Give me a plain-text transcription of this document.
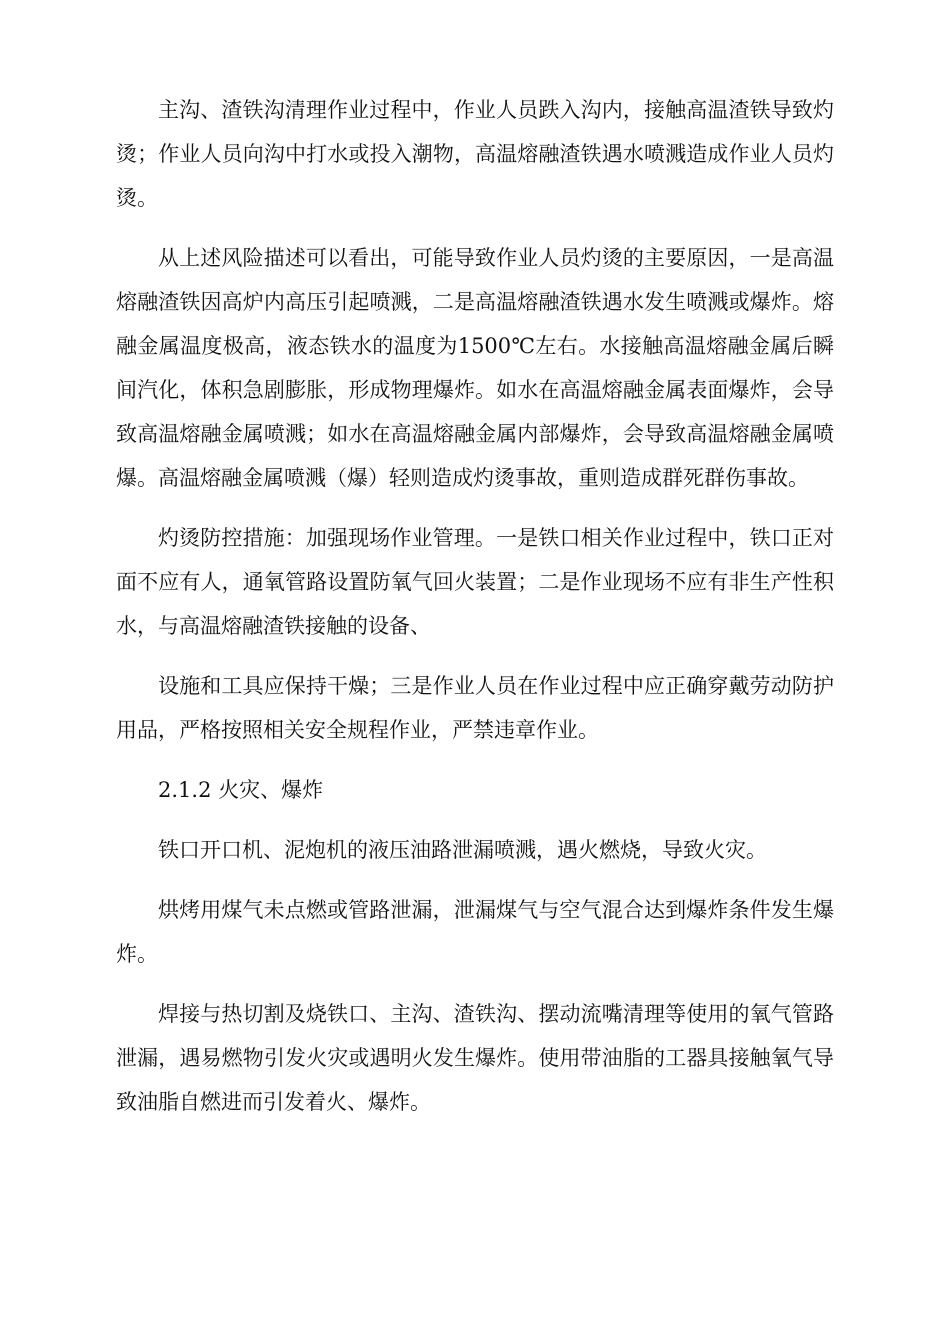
主沟、渣铁沟清理作业过程中，作业人员跌入沟内，接触高温渣铁导致灼烫；作业人员向沟中打水或投入潮物，高温熔融渣铁遇水喷溅造成作业人员灼烫。

从上述风险描述可以看出，可能导致作业人员灼烫的主要原因，一是高温熔融渣铁因高炉内高压引起喷溅，二是高温熔融渣铁遇水发生喷溅或爆炸。熔融金属温度极高，液态铁水的温度为1500℃左右。水接触高温熔融金属后瞬间汽化，体积急剧膨胀，形成物理爆炸。如水在高温熔融金属表面爆炸，会导致高温熔融金属喷溅；如水在高温熔融金属内部爆炸，会导致高温熔融金属喷爆。高温熔融金属喷溅（爆）轻则造成灼烫事故，重则造成群死群伤事故。

灼烫防控措施：加强现场作业管理。一是铁口相关作业过程中，铁口正对面不应有人，通氧管路设置防氧气回火装置；二是作业现场不应有非生产性积水，与高温熔融渣铁接触的设备、

设施和工具应保持干燥；三是作业人员在作业过程中应正确穿戴劳动防护用品，严格按照相关安全规程作业，严禁违章作业。

2.1.2 火灾、爆炸

铁口开口机、泥炮机的液压油路泄漏喷溅，遇火燃烧，导致火灾。

烘烤用煤气未点燃或管路泄漏，泄漏煤气与空气混合达到爆炸条件发生爆炸。

焊接与热切割及烧铁口、主沟、渣铁沟、摆动流嘴清理等使用的氧气管路泄漏，遇易燃物引发火灾或遇明火发生爆炸。使用带油脂的工器具接触氧气导致油脂自燃进而引发着火、爆炸。
